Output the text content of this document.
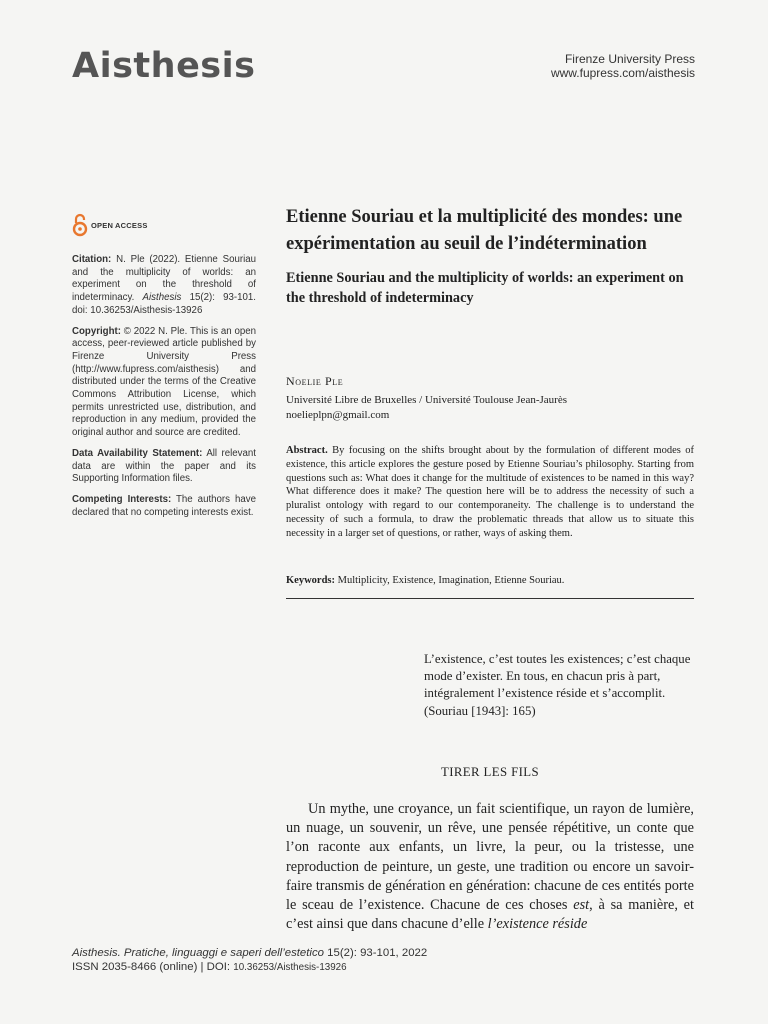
Aisthesis	Firenze University Press
www.fupress.com/aisthesis
OPEN ACCESS

Citation: N. Ple (2022). Etienne Souriau and the multiplicity of worlds: an experiment on the threshold of indeterminacy. Aisthesis 15(2): 93-101. doi: 10.36253/Aisthesis-13926

Copyright: © 2022 N. Ple. This is an open access, peer-reviewed article published by Firenze University Press (http://www.fupress.com/aisthesis) and distributed under the terms of the Creative Commons Attribution License, which permits unrestricted use, distribution, and reproduction in any medium, provided the original author and source are credited.

Data Availability Statement: All relevant data are within the paper and its Supporting Information files.

Competing Interests: The authors have declared that no competing interests exist.

Etienne Souriau et la multiplicité des mondes: une expérimentation au seuil de l’indétermination
Etienne Souriau and the multiplicity of worlds: an experiment on the threshold of indeterminacy

Noelie Ple

Université Libre de Bruxelles / Université Toulouse Jean-Jaurès
noelieplpn@gmail.com

Abstract. By focusing on the shifts brought about by the formulation of different modes of existence, this article explores the gesture posed by Etienne Souriau’s philosophy. Starting from questions such as: What does it change for the multitude of existences to be named in this way? What difference does it make? The question here will be to address the necessity of such a pluralist ontology with regard to our contemporaneity. The challenge is to understand the necessity of such a formula, to draw the problematic threads that allow us to situate this necessity in a larger set of questions, or rather, ways of asking them.

Keywords: Multiplicity, Existence, Imagination, Etienne Souriau.

L’existence, c’est toutes les existences; c’est chaque mode d’exister. En tous, en chacun pris à part, intégralement l’existence réside et s’accomplit.
(Souriau [1943]: 165)
TIRER LES FILS

Un mythe, une croyance, un fait scientifique, un rayon de lumière, un nuage, un souvenir, un rêve, une pensée répétitive, un conte que l’on raconte aux enfants, un livre, la peur, ou la tristesse, une reproduction de peinture, un geste, une tradition ou encore un savoir-faire transmis de génération en génération: chacune de ces entités porte le sceau de l’existence. Chacune de ces choses est, à sa manière, et c’est ainsi que dans chacune d’elle l’existence réside

Aisthesis. Pratiche, linguaggi e saperi dell’estetico 15(2): 93-101, 2022
ISSN 2035-8466 (online) | DOI: 10.36253/Aisthesis-13926
